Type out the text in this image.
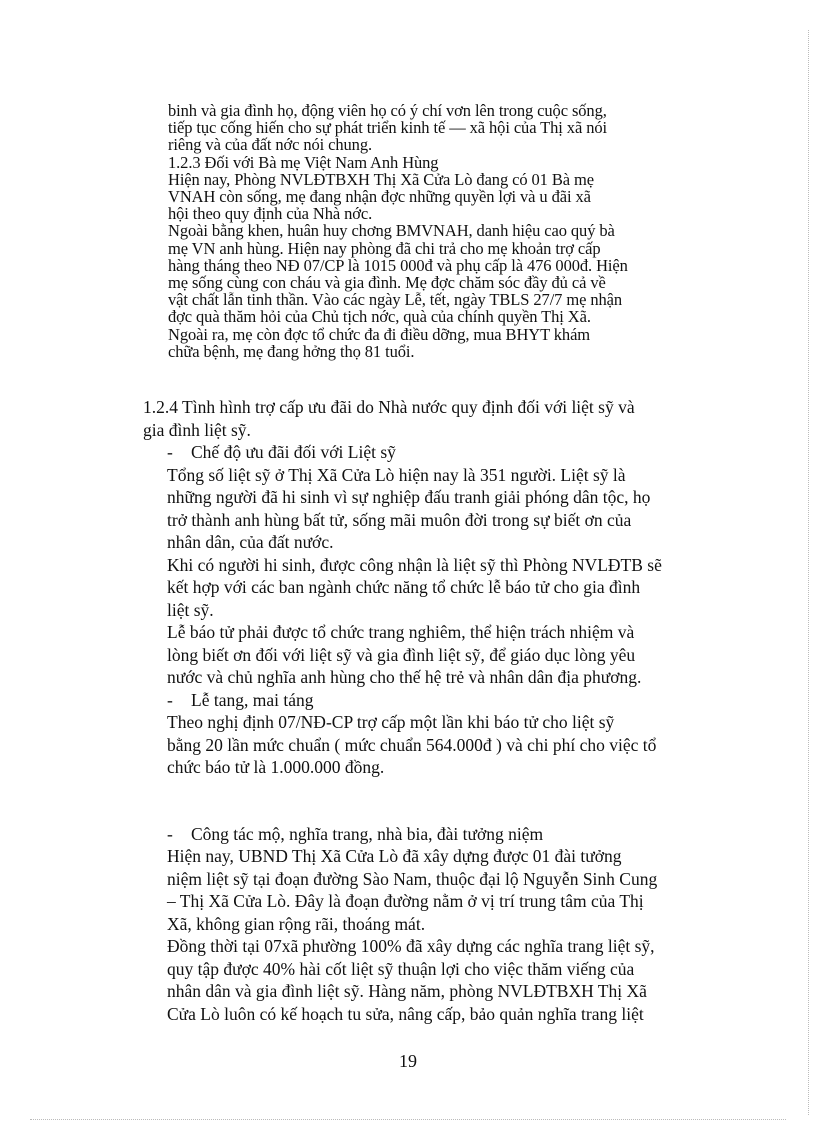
binh và gia đình họ, động viên họ có ý chí vơn lên trong cuộc sống,

tiếp tục cống hiến cho sự phát triển kinh tế — xã hội của Thị xã nói

riêng và của đất nớc nói chung.

1.2.3 Đối với Bà mẹ Việt Nam Anh Hùng

Hiện nay, Phòng NVLĐTBXH Thị Xã Cửa Lò đang có 01 Bà mẹ

VNAH còn sống, mẹ đang nhận đợc những quyền lợi và u đãi xã

hội theo quy định của Nhà nớc.

Ngoài bằng khen, huân huy chơng BMVNAH, danh hiệu cao quý bà

mẹ VN anh hùng. Hiện nay phòng đã chi trả cho mẹ khoản trợ cấp

hàng tháng theo NĐ 07/CP là 1015 000đ và phụ cấp là 476 000đ. Hiện

mẹ sống cùng con cháu và gia đình. Mẹ đợc chăm sóc đầy đủ cả về

vật chất lẫn tinh thần. Vào các ngày Lễ, tết, ngày TBLS 27/7 mẹ nhận

đợc quà thăm hỏi của Chủ tịch nớc, quà của chính quyền Thị Xã.

Ngoài ra, mẹ còn đợc tổ chức đa đi điều dỡng, mua BHYT khám

chữa bệnh, mẹ đang hởng thọ 81 tuổi.

1.2.4 Tình hình trợ cấp ưu đãi do Nhà nước quy định đối với liệt sỹ và

gia đình liệt sỹ.

- Chế độ ưu đãi đối với Liệt sỹ

Tổng số liệt sỹ ở Thị Xã Cửa Lò hiện nay là 351 người. Liệt sỹ là

những người đã hi sinh vì sự nghiệp đấu tranh giải phóng dân tộc, họ

trở thành anh hùng bất tử, sống mãi muôn đời trong sự biết ơn của

nhân dân, của đất nước.

Khi có người hi sinh, được công nhận là liệt sỹ thì Phòng NVLĐTB sẽ

kết hợp với các ban ngành chức năng tổ chức lễ báo tử cho gia đình

liệt sỹ.

Lễ báo tử phải được tổ chức trang nghiêm, thể hiện trách nhiệm và

lòng biết ơn đối với liệt sỹ và gia đình liệt sỹ, để giáo dục lòng yêu

nước và chủ nghĩa anh hùng cho thế hệ trẻ và nhân dân địa phương.

- Lễ tang, mai táng

Theo nghị định 07/NĐ-CP trợ cấp một lần khi báo tử cho liệt sỹ

bằng 20 lần mức chuẩn ( mức chuẩn 564.000đ ) và chi phí cho việc tổ

chức báo tử là 1.000.000 đồng.

- Công tác mộ, nghĩa trang, nhà bia, đài tưởng niệm

Hiện nay, UBND Thị Xã Cửa Lò đã xây dựng được 01 đài tưởng

niệm liệt sỹ tại đoạn đường Sào Nam, thuộc đại lộ Nguyễn Sinh Cung

– Thị Xã Cửa Lò. Đây là đoạn đường nằm ở vị trí trung tâm của Thị

Xã, không gian rộng rãi, thoáng mát.

Đồng thời tại 07xã phường 100% đã xây dựng các nghĩa trang liệt sỹ,

quy tập được 40% hài cốt liệt sỹ thuận lợi cho việc thăm viếng của

nhân dân và gia đình liệt sỹ. Hàng năm, phòng NVLĐTBXH Thị Xã

Cửa Lò luôn có kế hoạch tu sửa, nâng cấp, bảo quản nghĩa trang liệt

19
